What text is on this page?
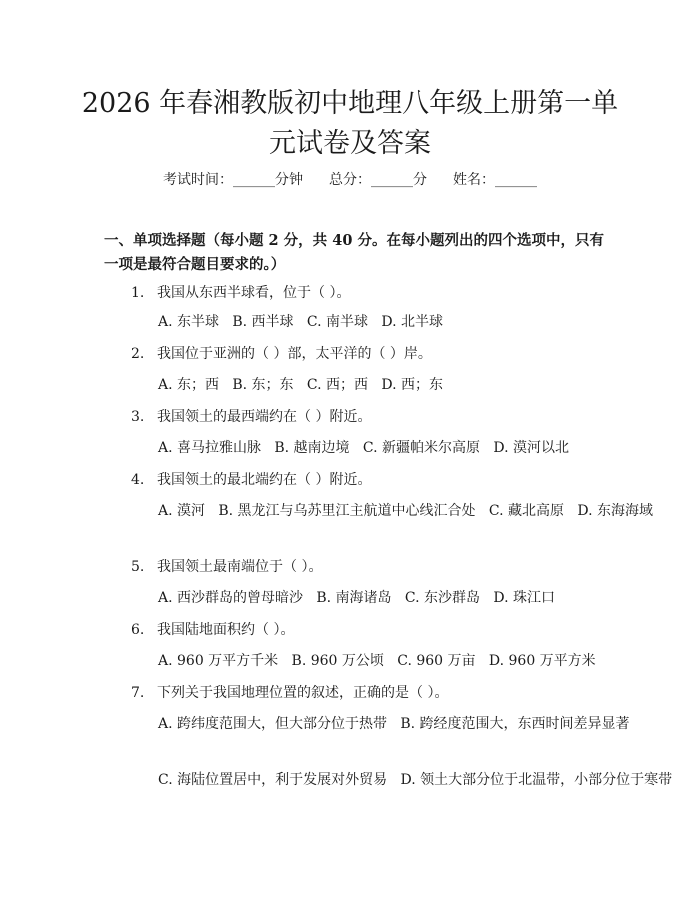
2026 年春湘教版初中地理八年级上册第一单元试卷及答案
考试时间：______分钟 总分：______分 姓名：______

一、单项选择题（每小题 2 分，共 40 分。在每小题列出的四个选项中，只有一项是最符合题目要求的。）

1. 我国从东西半球看，位于（ ）。

A. 东半球   B. 西半球   C. 南半球   D. 北半球

2. 我国位于亚洲的（ ）部，太平洋的（ ）岸。

A. 东；西   B. 东；东   C. 西；西   D. 西；东

3. 我国领土的最西端约在（ ）附近。

A. 喜马拉雅山脉   B. 越南边境   C. 新疆帕米尔高原   D. 漠河以北

4. 我国领土的最北端约在（ ）附近。

A. 漠河   B. 黑龙江与乌苏里江主航道中心线汇合处   C. 藏北高原   D. 东海海域

5. 我国领土最南端位于（ ）。

A. 西沙群岛的曾母暗沙   B. 南海诸岛   C. 东沙群岛   D. 珠江口

6. 我国陆地面积约（ ）。

A. 960 万平方千米   B. 960 万公顷   C. 960 万亩   D. 960 万平方米

7. 下列关于我国地理位置的叙述，正确的是（ ）。

A. 跨纬度范围大，但大部分位于热带   B. 跨经度范围大，东西时间差异显著

C. 海陆位置居中，利于发展对外贸易   D. 领土大部分位于北温带，小部分位于寒带
